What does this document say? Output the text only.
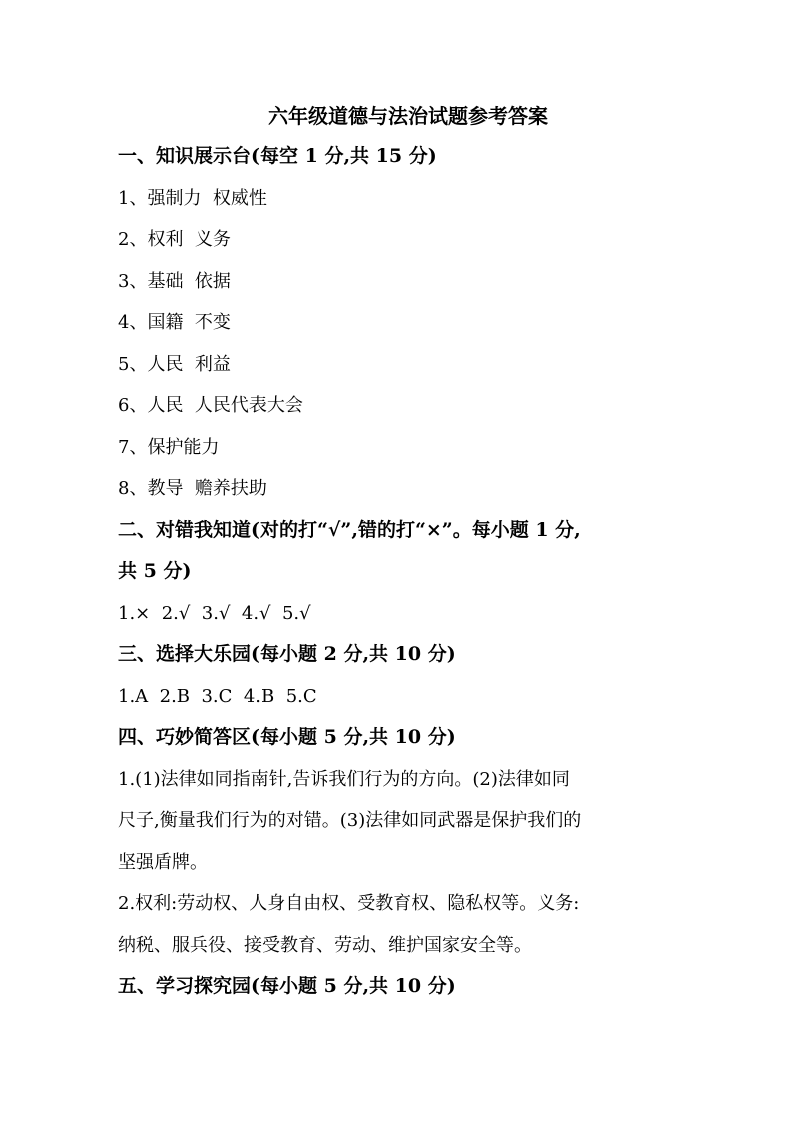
六年级道德与法治试题参考答案
一、知识展示台(每空 1 分,共 15 分)
1、强制力  权威性
2、权利  义务
3、基础  依据
4、国籍  不变
5、人民  利益
6、人民  人民代表大会
7、保护能力
8、教导  赡养扶助
二、对错我知道(对的打“√”,错的打“×”。每小题 1 分,
共 5 分)
1.×  2.√  3.√  4.√  5.√
三、选择大乐园(每小题 2 分,共 10 分)
1.A  2.B  3.C  4.B  5.C
四、巧妙简答区(每小题 5 分,共 10 分)
1.(1)法律如同指南针,告诉我们行为的方向。(2)法律如同
尺子,衡量我们行为的对错。(3)法律如同武器是保护我们的
坚强盾牌。
2.权利:劳动权、人身自由权、受教育权、隐私权等。义务:
纳税、服兵役、接受教育、劳动、维护国家安全等。
五、学习探究园(每小题 5 分,共 10 分)
